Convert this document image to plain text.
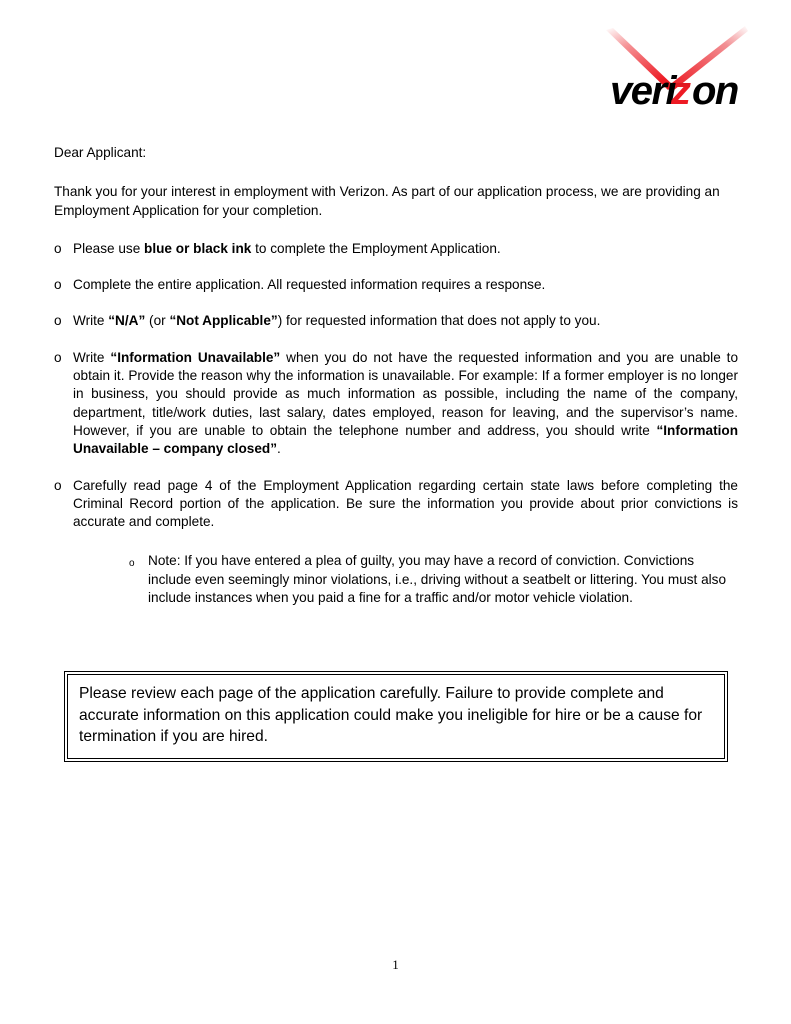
veri
z on

Dear Applicant:

Thank you for your interest in employment with Verizon. As part of our application process, we are providing an Employment Application for your completion.

o Please use blue or black ink to complete the Employment Application.
o Complete the entire application. All requested information requires a response.
o Write “N/A” (or “Not Applicable”) for requested information that does not apply to you.
o Write “Information Unavailable” when you do not have the requested information and you are unable to obtain it. Provide the reason why the information is unavailable. For example: If a former employer is no longer in business, you should provide as much information as possible, including the name of the company, department, title/work duties, last salary, dates employed, reason for leaving, and the supervisor’s name. However, if you are unable to obtain the telephone number and address, you should write “Information Unavailable – company closed”.
o Carefully read page 4 of the Employment Application regarding certain state laws before completing the Criminal Record portion of the application. Be sure the information you provide about prior convictions is accurate and complete.
o Note: If you have entered a plea of guilty, you may have a record of conviction. Convictions include even seemingly minor violations, i.e., driving without a seatbelt or littering. You must also include instances when you paid a fine for a traffic and/or motor vehicle violation.

Please review each page of the application carefully. Failure to provide complete and accurate information on this application could make you ineligible for hire or be a cause for termination if you are hired.

1
